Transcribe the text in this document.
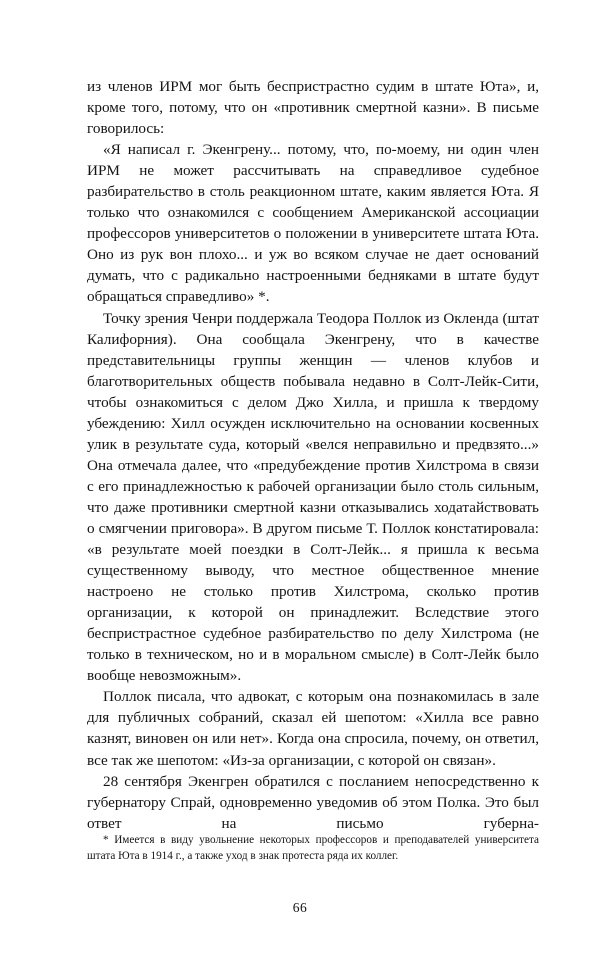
из членов ИРМ мог быть беспристрастно судим в штате Юта», и, кроме того, потому, что он «противник смертной казни». В письме говорилось:

«Я написал г. Экенгрену... потому, что, по-моему, ни один член ИРМ не может рассчитывать на справедливое судебное разбирательство в столь реакционном штате, каким является Юта. Я только что ознакомился с сообщением Американской ассоциации профессоров университетов о положении в университете штата Юта. Оно из рук вон плохо... и уж во всяком случае не дает оснований думать, что с радикально настроенными бедняками в штате будут обращаться справедливо» *.

Точку зрения Ченри поддержала Теодора Поллок из Окленда (штат Калифорния). Она сообщала Экенгрену, что в качестве представительницы группы женщин — членов клубов и благотворительных обществ побывала недавно в Солт-Лейк-Сити, чтобы ознакомиться с делом Джо Хилла, и пришла к твердому убеждению: Хилл осужден исключительно на основании косвенных улик в результате суда, который «велся неправильно и предвзято...» Она отмечала далее, что «предубеждение против Хилстрома в связи с его принадлежностью к рабочей организации было столь сильным, что даже противники смертной казни отказывались ходатайствовать о смягчении приговора». В другом письме Т. Поллок констатировала: «в результате моей поездки в Солт-Лейк... я пришла к весьма существенному выводу, что местное общественное мнение настроено не столько против Хилстрома, сколько против организации, к которой он принадлежит. Вследствие этого беспристрастное судебное разбирательство по делу Хилстрома (не только в техническом, но и в моральном смысле) в Солт-Лейк было вообще невозможным».

Поллок писала, что адвокат, с которым она познакомилась в зале для публичных собраний, сказал ей шепотом: «Хилла все равно казнят, виновен он или нет». Когда она спросила, почему, он ответил, все так же шепотом: «Из-за организации, с которой он связан».

28 сентября Экенгрен обратился с посланием непосредственно к губернатору Спрай, одновременно уведомив об этом Полка. Это был ответ на письмо губерна-

* Имеется в виду увольнение некоторых профессоров и преподавателей университета штата Юта в 1914 г., а также уход в знак протеста ряда их коллег.

66
